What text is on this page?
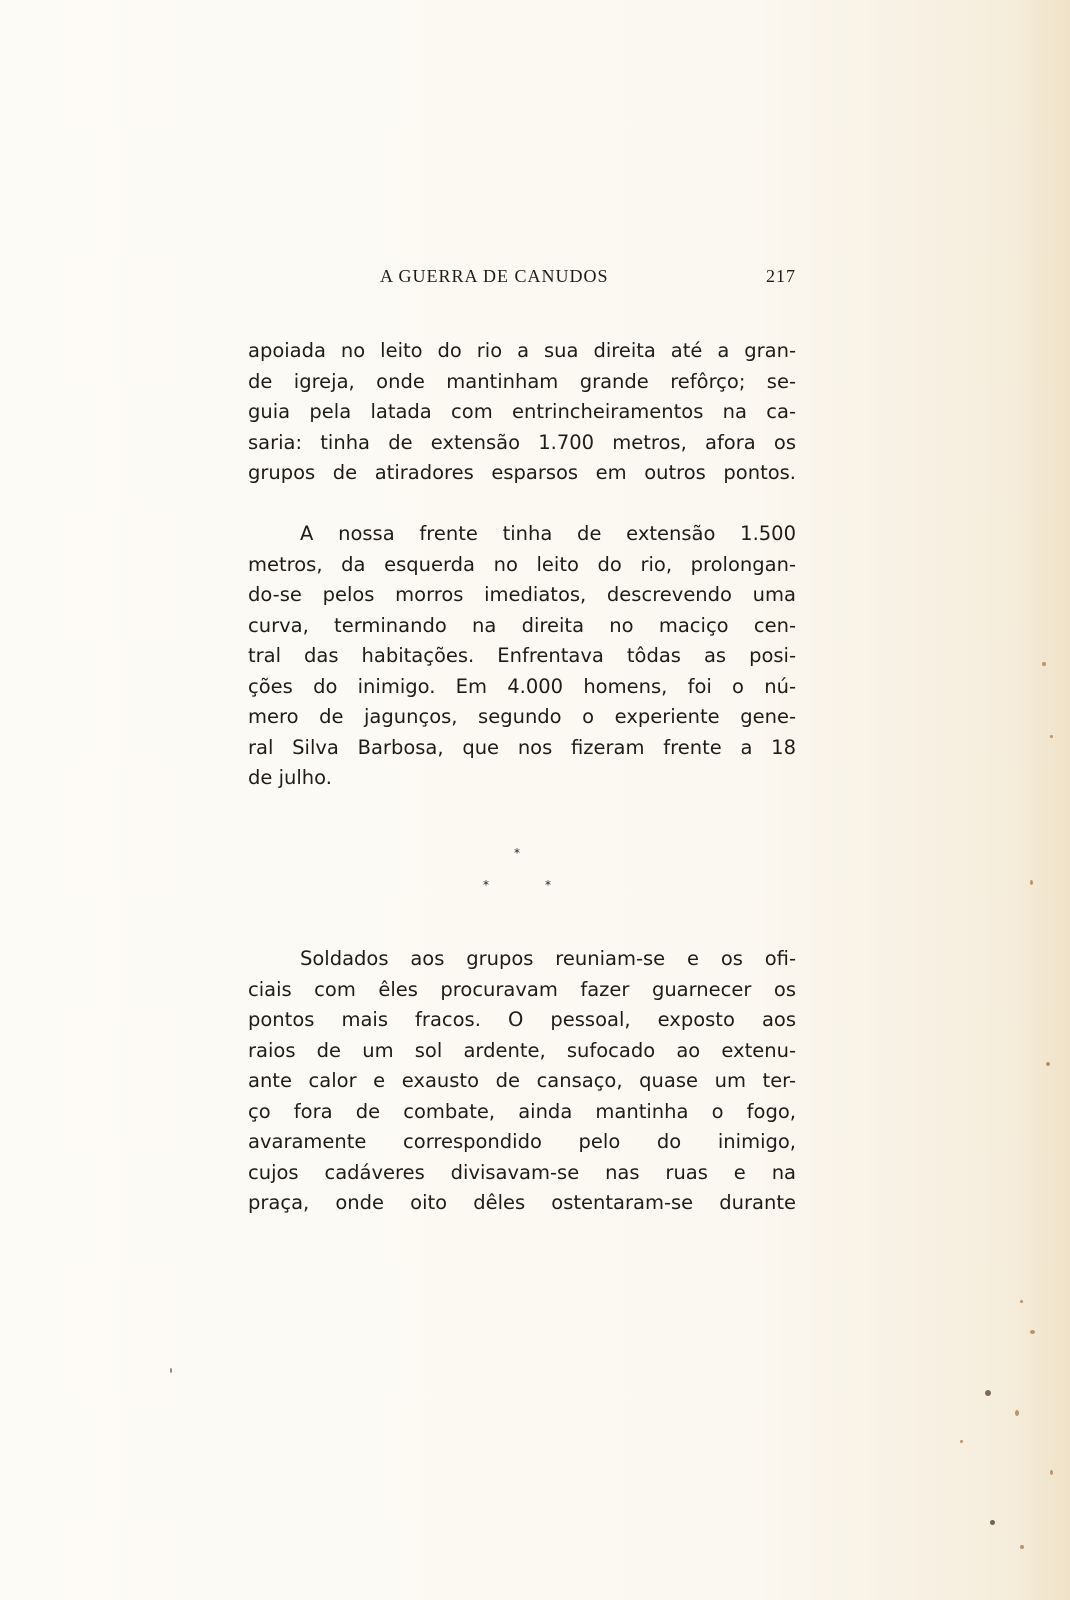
A GUERRA DE CANUDOS	217
apoiada no leito do rio a sua direita até a gran-
de igreja, onde mantinham grande refôrço; se-
guia pela latada com entrincheiramentos na ca-
saria: tinha de extensão 1.700 metros, afora os
grupos de atiradores esparsos em outros pontos.
A nossa frente tinha de extensão 1.500
metros, da esquerda no leito do rio, prolongan-
do-se pelos morros imediatos, descrevendo uma
curva, terminando na direita no maciço cen-
tral das habitações. Enfrentava tôdas as posi-
ções do inimigo. Em 4.000 homens, foi o nú-
mero de jagunços, segundo o experiente gene-
ral Silva Barbosa, que nos fizeram frente a 18
de julho.
*
*	*
Soldados aos grupos reuniam-se e os ofi-
ciais com êles procuravam fazer guarnecer os
pontos mais fracos. O pessoal, exposto aos
raios de um sol ardente, sufocado ao extenu-
ante calor e exausto de cansaço, quase um ter-
ço fora de combate, ainda mantinha o fogo,
avaramente correspondido pelo do inimigo,
cujos cadáveres divisavam-se nas ruas e na
praça, onde oito dêles ostentaram-se durante
